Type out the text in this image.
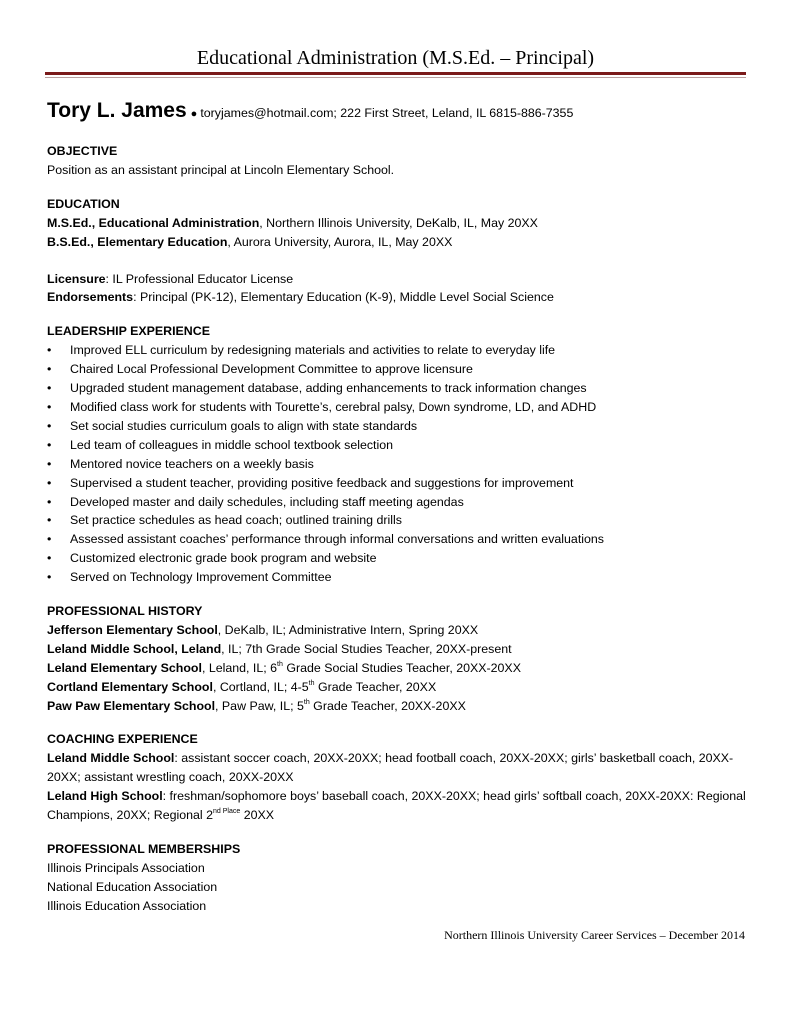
Educational Administration (M.S.Ed. – Principal)
Tory L. James ● toryjames@hotmail.com; 222 First Street, Leland, IL 6815-886-7355
OBJECTIVE
Position as an assistant principal at Lincoln Elementary School.
EDUCATION
M.S.Ed., Educational Administration, Northern Illinois University, DeKalb, IL, May 20XX
B.S.Ed., Elementary Education, Aurora University, Aurora, IL, May 20XX
Licensure: IL Professional Educator License
Endorsements: Principal (PK-12), Elementary Education (K-9), Middle Level Social Science
LEADERSHIP EXPERIENCE
• Improved ELL curriculum by redesigning materials and activities to relate to everyday life
• Chaired Local Professional Development Committee to approve licensure
• Upgraded student management database, adding enhancements to track information changes
• Modified class work for students with Tourette’s, cerebral palsy, Down syndrome, LD, and ADHD
• Set social studies curriculum goals to align with state standards
• Led team of colleagues in middle school textbook selection
• Mentored novice teachers on a weekly basis
• Supervised a student teacher, providing positive feedback and suggestions for improvement
• Developed master and daily schedules, including staff meeting agendas
• Set practice schedules as head coach; outlined training drills
• Assessed assistant coaches’ performance through informal conversations and written evaluations
• Customized electronic grade book program and website
• Served on Technology Improvement Committee
PROFESSIONAL HISTORY
Jefferson Elementary School, DeKalb, IL; Administrative Intern, Spring 20XX
Leland Middle School, Leland, IL; 7th Grade Social Studies Teacher, 20XX-present
Leland Elementary School, Leland, IL; 6th Grade Social Studies Teacher, 20XX-20XX
Cortland Elementary School, Cortland, IL; 4-5th Grade Teacher, 20XX
Paw Paw Elementary School, Paw Paw, IL; 5th Grade Teacher, 20XX-20XX
COACHING EXPERIENCE
Leland Middle School: assistant soccer coach, 20XX-20XX; head football coach, 20XX-20XX; girls’ basketball coach, 20XX-20XX; assistant wrestling coach, 20XX-20XX
Leland High School: freshman/sophomore boys’ baseball coach, 20XX-20XX; head girls’ softball coach, 20XX-20XX: Regional Champions, 20XX; Regional $2^{nd Place}$ 20XX
PROFESSIONAL MEMBERSHIPS
Illinois Principals Association
National Education Association
Illinois Education Association
Northern Illinois University Career Services – December 2014
